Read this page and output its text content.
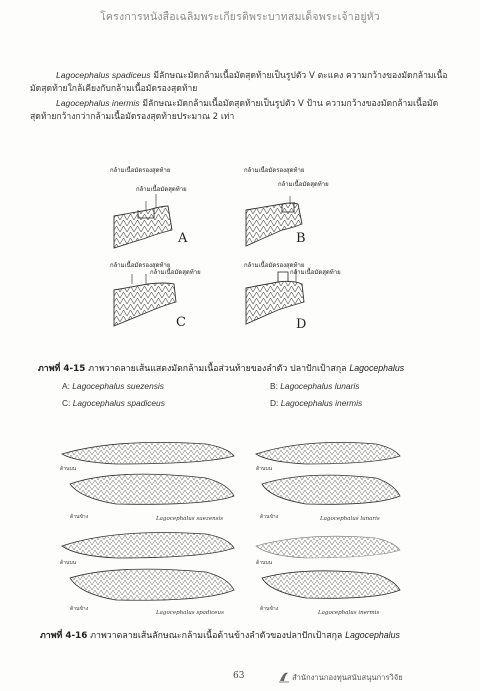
โครงการหนังสือเฉลิมพระเกียรติพระบาทสมเด็จพระเจ้าอยู่หัว
Lagocephalus spadiceus มีลักษณะมัดกล้ามเนื้อมัดสุดท้ายเป็นรูปตัว V ตะแคง ความกว้างของมัดกล้ามเนื้อมัดสุดท้ายใกล้เคียงกับกล้ามเนื้อมัดรองสุดท้าย
Lagocephalus inermis มีลักษณะมัดกล้ามเนื้อมัดสุดท้ายเป็นรูปตัว V ป้าน ความกว้างของมัดกล้ามเนื้อมัดสุดท้ายกว้างกว่ากล้ามเนื้อมัดรองสุดท้ายประมาณ 2 เท่า
กล้ามเนื้อมัดรองสุดท้าย
กล้ามเนื้อมัดสุดท้าย
A
กล้ามเนื้อมัดรองสุดท้าย
กล้ามเนื้อมัดสุดท้าย
B
กล้ามเนื้อมัดรองสุดท้าย
กล้ามเนื้อมัดสุดท้าย
C
กล้ามเนื้อมัดรองสุดท้าย
กล้ามเนื้อมัดสุดท้าย
D
ภาพที่ 4-15 ภาพวาดลายเส้นแสดงมัดกล้ามเนื้อส่วนท้ายของลำตัว ปลาปักเป้าสกุล Lagocephalus
A: Lagocephalus suezensis	B: Lagocephalus lunaris
C: Lagocephalus spadiceus	D: Lagocephalus inermis
ด้านบน
ด้านข้าง	Lagocephalus suezensis
ด้านบน
ด้านข้าง
Lagocephalus spadiceus
ด้านบน
ด้านข้าง	Lagocephalus lunaris
ด้านบน
ด้านข้าง
Lagocephalus inermis
ภาพที่ 4-16 ภาพวาดลายเส้นลักษณะกล้ามเนื้อด้านข้างลำตัวของปลาปักเป้าสกุล Lagocephalus
63	สำนักงานกองทุนสนับสนุนการวิจัย
